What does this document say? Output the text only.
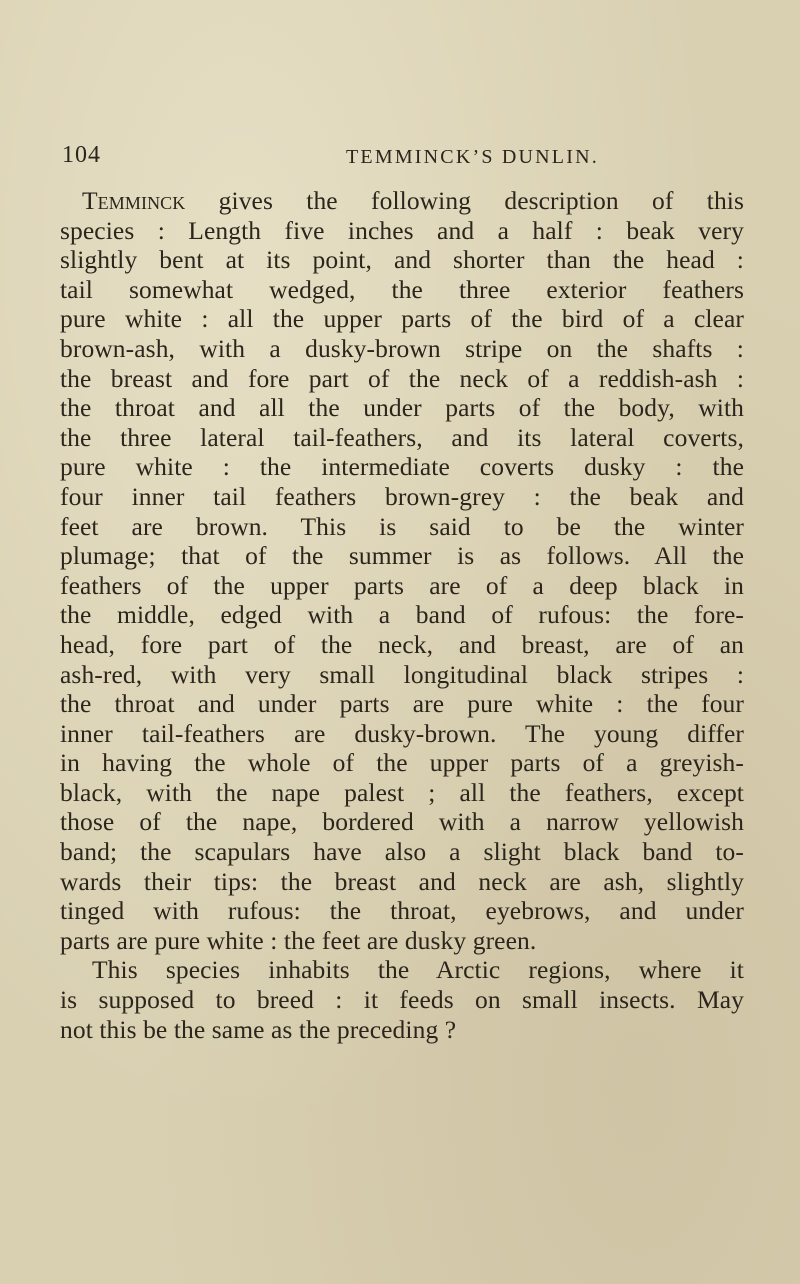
104	TEMMINCK’S DUNLIN.
Temminck gives the following description of this
species : Length five inches and a half : beak very
slightly bent at its point, and shorter than the head :
tail somewhat wedged, the three exterior feathers
pure white : all the upper parts of the bird of a clear
brown-ash, with a dusky-brown stripe on the shafts :
the breast and fore part of the neck of a reddish-ash :
the throat and all the under parts of the body, with
the three lateral tail-feathers, and its lateral coverts,
pure white : the intermediate coverts dusky : the
four inner tail feathers brown-grey : the beak and
feet are brown. This is said to be the winter
plumage; that of the summer is as follows. All the
feathers of the upper parts are of a deep black in
the middle, edged with a band of rufous: the fore-
head, fore part of the neck, and breast, are of an
ash-red, with very small longitudinal black stripes :
the throat and under parts are pure white : the four
inner tail-feathers are dusky-brown. The young differ
in having the whole of the upper parts of a greyish-
black, with the nape palest ; all the feathers, except
those of the nape, bordered with a narrow yellowish
band; the scapulars have also a slight black band to-
wards their tips: the breast and neck are ash, slightly
tinged with rufous: the throat, eyebrows, and under
parts are pure white : the feet are dusky green.
This species inhabits the Arctic regions, where it
is supposed to breed : it feeds on small insects. May
not this be the same as the preceding ?
